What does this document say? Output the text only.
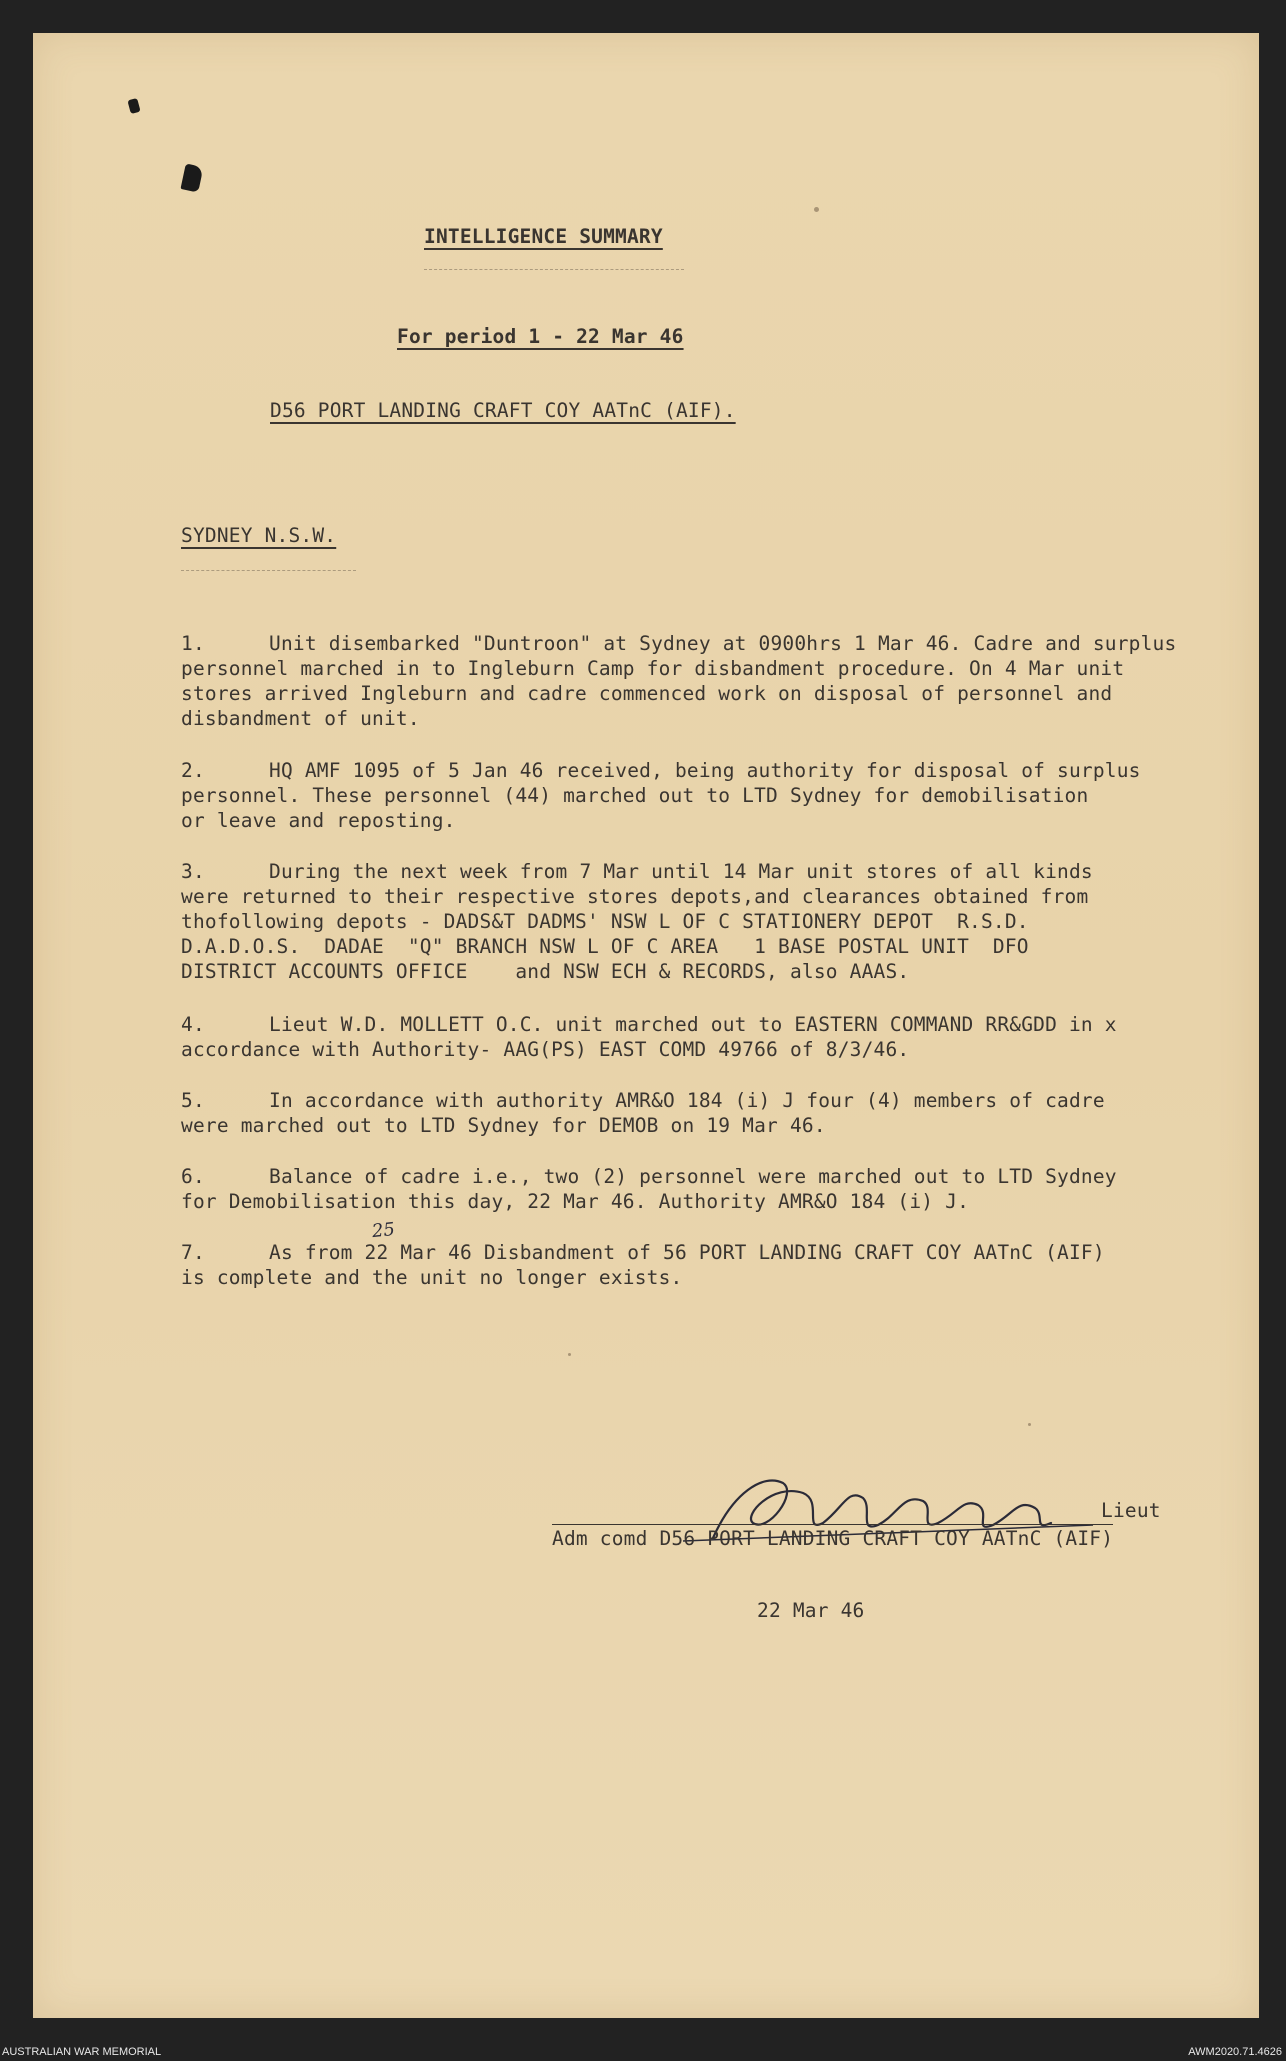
INTELLIGENCE SUMMARY
For period 1 - 22 Mar 46
D56 PORT LANDING CRAFT COY AATnC (AIF).
SYDNEY N.S.W.
1.	Unit disembarked "Duntroon" at Sydney at 0900hrs 1 Mar 46. Cadre and surplus
personnel marched in to Ingleburn Camp for disbandment procedure. On 4 Mar unit
stores arrived Ingleburn and cadre commenced work on disposal of personnel and
disbandment of unit.
2.	HQ AMF 1095 of 5 Jan 46 received, being authority for disposal of surplus
personnel. These personnel (44) marched out to LTD Sydney for demobilisation
or leave and reposting.
3.	During the next week from 7 Mar until 14 Mar unit stores of all kinds
were returned to their respective stores depots,and clearances obtained from
thofollowing depots - DADS&T DADMS' NSW L OF C STATIONERY DEPOT  R.S.D.
D.A.D.O.S.  DADAE  "Q" BRANCH NSW L OF C AREA   1 BASE POSTAL UNIT  DFO
DISTRICT ACCOUNTS OFFICE    and NSW ECH & RECORDS, also AAAS.
4.	Lieut W.D. MOLLETT O.C. unit marched out to EASTERN COMMAND RR&GDD in x
accordance with Authority- AAG(PS) EAST COMD 49766 of 8/3/46.
5.	In accordance with authority AMR&O 184 (i) J four (4) members of cadre
were marched out to LTD Sydney for DEMOB on 19 Mar 46.
6.	Balance of cadre i.e., two (2) personnel were marched out to LTD Sydney
for Demobilisation this day, 22 Mar 46. Authority AMR&O 184 (i) J.
7.	As from 22 Mar 46 Disbandment of 56 PORT LANDING CRAFT COY AATnC (AIF)
is complete and the unit no longer exists.
25
Lieut
Adm comd D56 PORT LANDING CRAFT COY AATnC (AIF)
22 Mar 46
AUSTRALIAN WAR MEMORIAL	AWM2020.71.4626
